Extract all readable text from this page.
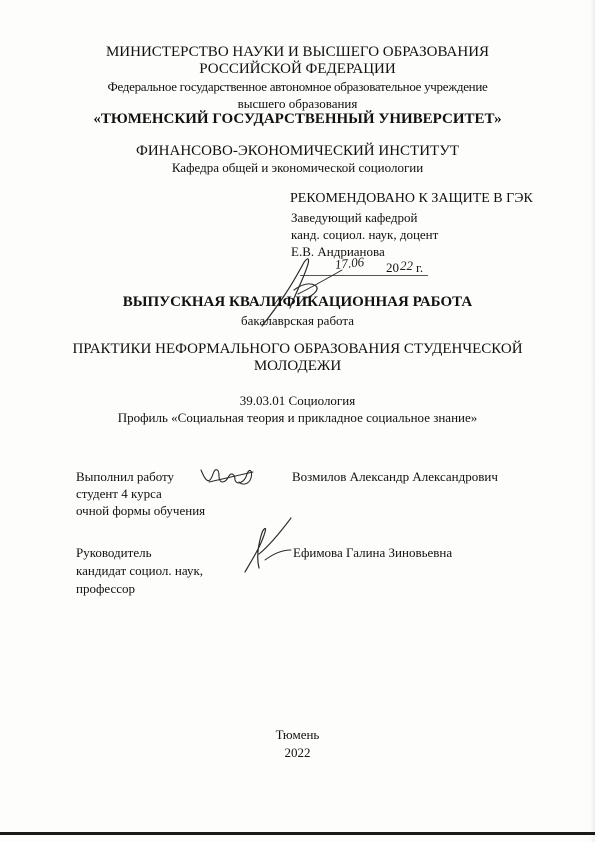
МИНИСТЕРСТВО НАУКИ И ВЫСШЕГО ОБРАЗОВАНИЯ
РОССИЙСКОЙ ФЕДЕРАЦИИ
Федеральное государственное автономное образовательное учреждение
высшего образования
«ТЮМЕНСКИЙ ГОСУДАРСТВЕННЫЙ УНИВЕРСИТЕТ»
ФИНАНСОВО-ЭКОНОМИЧЕСКИЙ ИНСТИТУТ
Кафедра общей и экономической социологии
РЕКОМЕНДОВАНО К ЗАЩИТЕ В ГЭК
Заведующий кафедрой
канд. социол. наук, доцент
Е.В. Андрианова
17.06 20 22 г.
ВЫПУСКНАЯ КВАЛИФИКАЦИОННАЯ РАБОТА
бакалаврская работа
ПРАКТИКИ НЕФОРМАЛЬНОГО ОБРАЗОВАНИЯ СТУДЕНЧЕСКОЙ
МОЛОДЕЖИ
39.03.01 Социология
Профиль «Социальная теория и прикладное социальное знание»
Выполнил работу
студент 4 курса
очной формы обучения
Возмилов Александр Александрович
Руководитель
кандидат социол. наук,
профессор
Ефимова Галина Зиновьевна
Тюмень
2022
